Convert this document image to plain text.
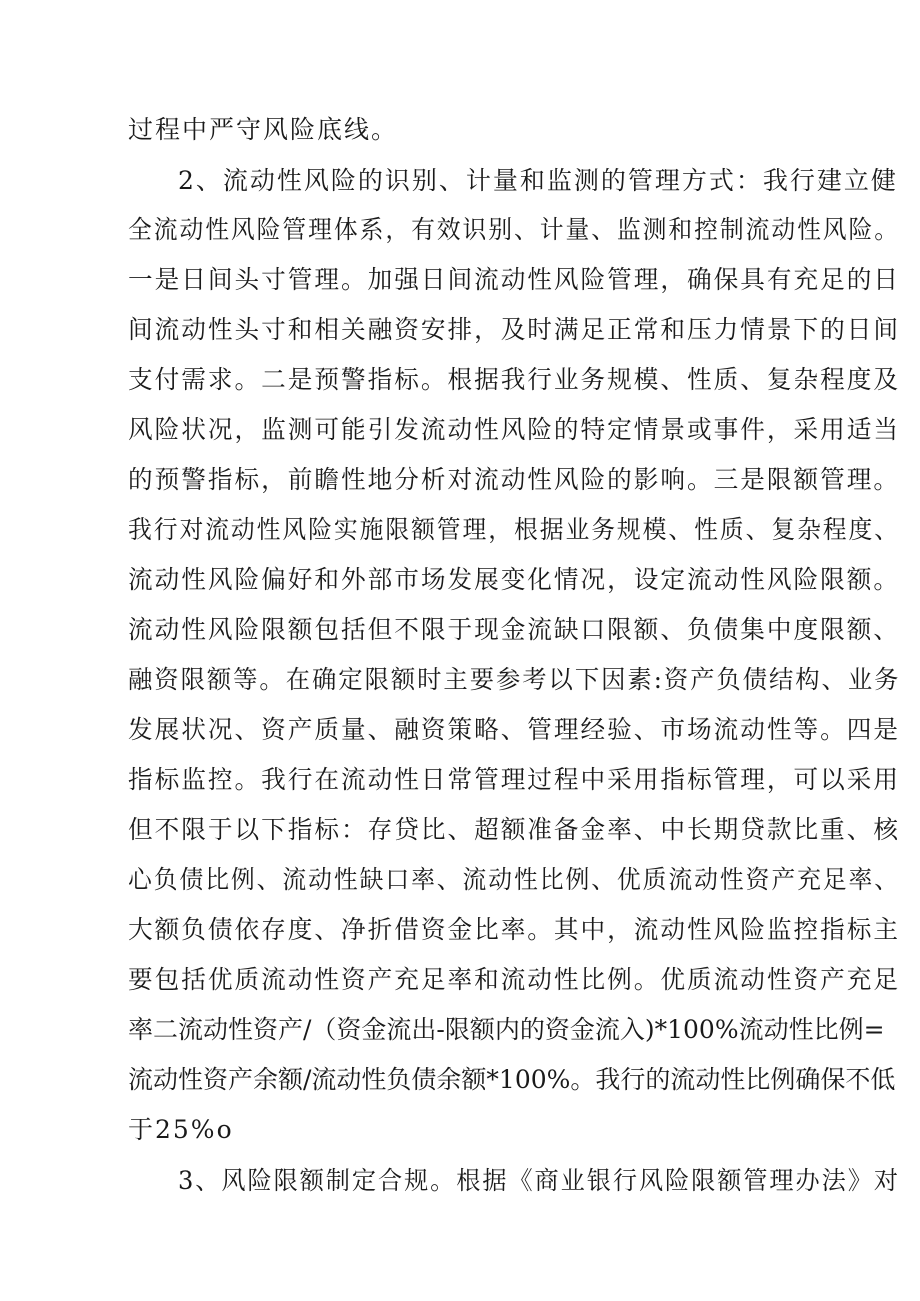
过程中严守风险底线。
2、流动性风险的识别、计量和监测的管理方式：我行建立健
全流动性风险管理体系，有效识别、计量、监测和控制流动性风险。
一是日间头寸管理。加强日间流动性风险管理，确保具有充足的日
间流动性头寸和相关融资安排，及时满足正常和压力情景下的日间
支付需求。二是预警指标。根据我行业务规模、性质、复杂程度及
风险状况，监测可能引发流动性风险的特定情景或事件，采用适当
的预警指标，前瞻性地分析对流动性风险的影响。三是限额管理。
我行对流动性风险实施限额管理，根据业务规模、性质、复杂程度、
流动性风险偏好和外部市场发展变化情况，设定流动性风险限额。
流动性风险限额包括但不限于现金流缺口限额、负债集中度限额、
融资限额等。在确定限额时主要参考以下因素:资产负债结构、业务
发展状况、资产质量、融资策略、管理经验、市场流动性等。四是
指标监控。我行在流动性日常管理过程中采用指标管理，可以采用
但不限于以下指标：存贷比、超额准备金率、中长期贷款比重、核
心负债比例、流动性缺口率、流动性比例、优质流动性资产充足率、
大额负债依存度、净折借资金比率。其中，流动性风险监控指标主
要包括优质流动性资产充足率和流动性比例。优质流动性资产充足
率二流动性资产/（资金流出-限额内的资金流入)*100%流动性比例=
流动性资产余额/流动性负债余额*100%。我行的流动性比例确保不低
于25%o
3、风险限额制定合规。根据《商业银行风险限额管理办法》对
